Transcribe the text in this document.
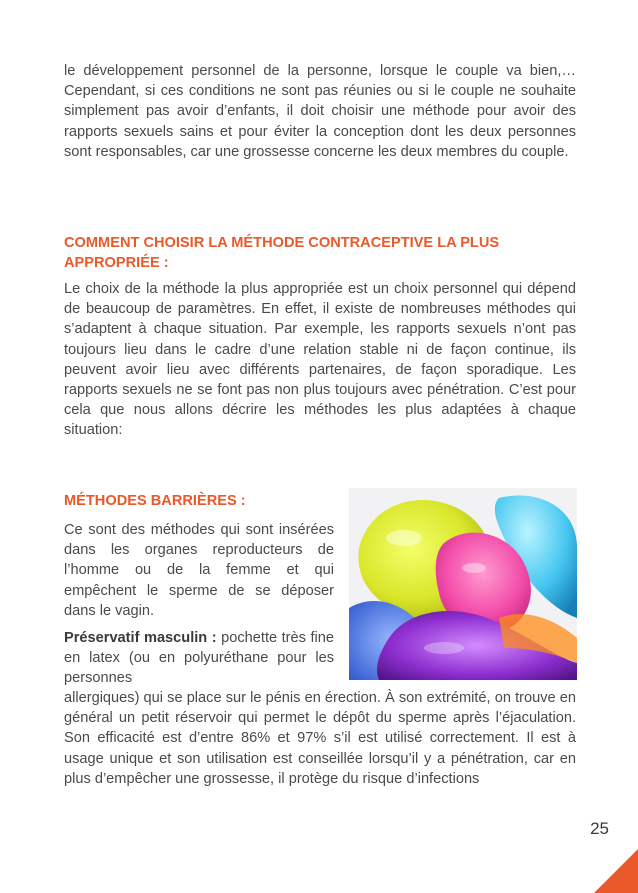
le développement personnel de la personne, lorsque le couple va bien,… Cependant, si ces conditions ne sont pas réunies ou si le couple ne souhaite simplement pas avoir d’enfants, il doit choisir une méthode pour avoir des rapports sexuels sains et pour éviter la conception dont les deux personnes sont responsables, car une grossesse concerne les deux membres du couple.

COMMENT CHOISIR LA MÉTHODE CONTRACEPTIVE LA PLUS APPROPRIÉE :

Le choix de la méthode la plus appropriée est un choix personnel qui dépend de beaucoup de paramètres. En effet, il existe de nombreuses méthodes qui s’adaptent à chaque situation. Par exemple, les rapports sexuels n’ont pas toujours lieu dans le cadre d’une relation stable ni de façon continue, ils peuvent avoir lieu avec différents partenaires, de façon sporadique. Les rapports sexuels ne se font pas non plus toujours avec pénétration. C’est pour cela que nous allons décrire les méthodes les plus adaptées à chaque situation:

MÉTHODES BARRIÈRES :

Ce sont des méthodes qui sont insérées dans les organes reproducteurs de l’homme ou de la femme et qui empêchent le sperme de se déposer dans le vagin.

Préservatif masculin : pochette très fine en latex (ou en polyuréthane pour les personnes

allergiques) qui se place sur le pénis en érection. À son extrémité, on trouve en général un petit réservoir qui permet le dépôt du sperme après l’éjaculation. Son efficacité est d’entre 86% et 97% s’il est utilisé correctement. Il est à usage unique et son utilisation est conseillée lorsqu’il y a pénétration, car en plus d’empêcher une grossesse, il protège du risque d’infections

25
